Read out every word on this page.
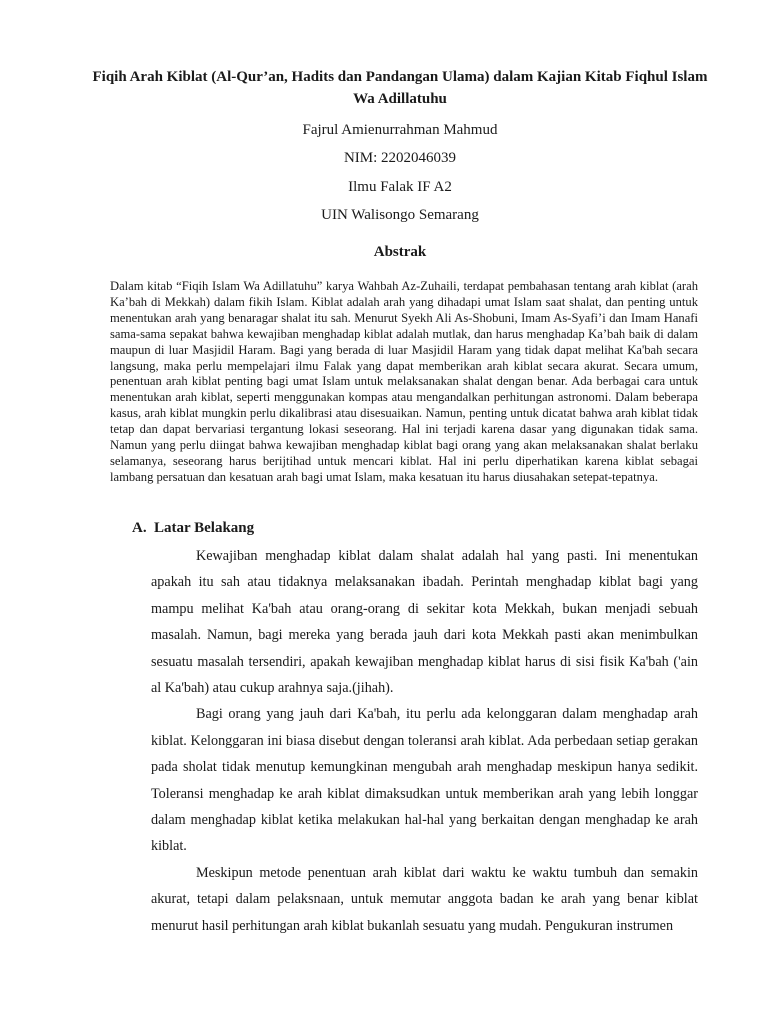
Fiqih Arah Kiblat (Al-Qur’an, Hadits dan Pandangan Ulama) dalam Kajian Kitab Fiqhul Islam Wa Adillatuhu
Fajrul Amienurrahman Mahmud
NIM: 2202046039
Ilmu Falak IF A2
UIN Walisongo Semarang
Abstrak
Dalam kitab “Fiqih Islam Wa Adillatuhu” karya Wahbah Az-Zuhaili, terdapat pembahasan tentang arah kiblat (arah Ka’bah di Mekkah) dalam fikih Islam. Kiblat adalah arah yang dihadapi umat Islam saat shalat, dan penting untuk menentukan arah yang benaragar shalat itu sah. Menurut Syekh Ali As-Shobuni, Imam As-Syafi’i dan Imam Hanafi sama-sama sepakat bahwa kewajiban menghadap kiblat adalah mutlak, dan harus menghadap Ka’bah baik di dalam maupun di luar Masjidil Haram. Bagi yang berada di luar Masjidil Haram yang tidak dapat melihat Ka'bah secara langsung, maka perlu mempelajari ilmu Falak yang dapat memberikan arah kiblat secara akurat. Secara umum, penentuan arah kiblat penting bagi umat Islam untuk melaksanakan shalat dengan benar. Ada berbagai cara untuk menentukan arah kiblat, seperti menggunakan kompas atau mengandalkan perhitungan astronomi. Dalam beberapa kasus, arah kiblat mungkin perlu dikalibrasi atau disesuaikan. Namun, penting untuk dicatat bahwa arah kiblat tidak tetap dan dapat bervariasi tergantung lokasi seseorang. Hal ini terjadi karena dasar yang digunakan tidak sama. Namun yang perlu diingat bahwa kewajiban menghadap kiblat bagi orang yang akan melaksanakan shalat berlaku selamanya, seseorang harus berijtihad untuk mencari kiblat. Hal ini perlu diperhatikan karena kiblat sebagai lambang persatuan dan kesatuan arah bagi umat Islam, maka kesatuan itu harus diusahakan setepat-tepatnya.
A. Latar Belakang

Kewajiban menghadap kiblat dalam shalat adalah hal yang pasti. Ini menentukan apakah itu sah atau tidaknya melaksanakan ibadah. Perintah menghadap kiblat bagi yang mampu melihat Ka'bah atau orang-orang di sekitar kota Mekkah, bukan menjadi sebuah masalah. Namun, bagi mereka yang berada jauh dari kota Mekkah pasti akan menimbulkan sesuatu masalah tersendiri, apakah kewajiban menghadap kiblat harus di sisi fisik Ka'bah ('ain al Ka'bah) atau cukup arahnya saja.(jihah).

Bagi orang yang jauh dari Ka'bah, itu perlu ada kelonggaran dalam menghadap arah kiblat. Kelonggaran ini biasa disebut dengan toleransi arah kiblat. Ada perbedaan setiap gerakan pada sholat tidak menutup kemungkinan mengubah arah menghadap meskipun hanya sedikit. Toleransi menghadap ke arah kiblat dimaksudkan untuk memberikan arah yang lebih longgar dalam menghadap kiblat ketika melakukan hal-hal yang berkaitan dengan menghadap ke arah kiblat.

Meskipun metode penentuan arah kiblat dari waktu ke waktu tumbuh dan semakin akurat, tetapi dalam pelaksnaan, untuk memutar anggota badan ke arah yang benar kiblat menurut hasil perhitungan arah kiblat bukanlah sesuatu yang mudah. Pengukuran instrumen
